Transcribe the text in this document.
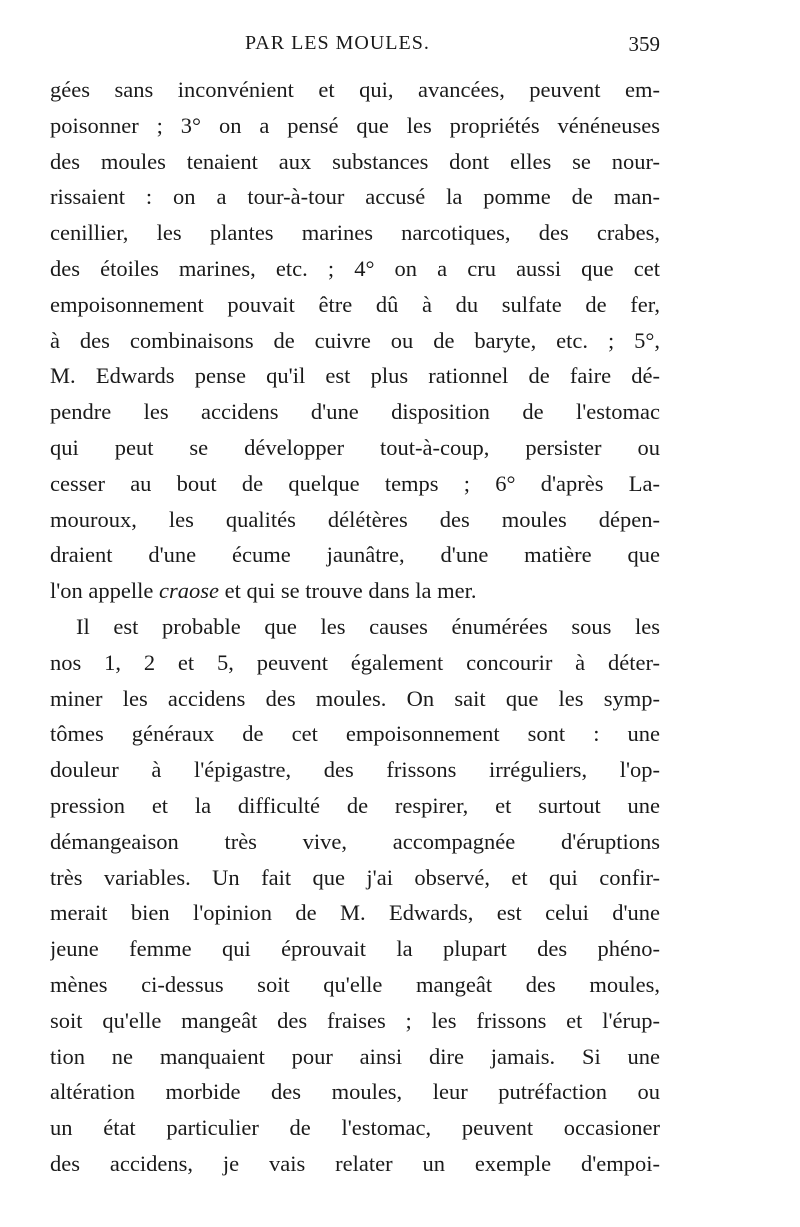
PAR LES MOULES.	359
gées sans inconvénient et qui, avancées, peuvent em-
poisonner ; 3° on a pensé que les propriétés vénéneuses
des moules tenaient aux substances dont elles se nour-
rissaient : on a tour-à-tour accusé la pomme de man-
cenillier, les plantes marines narcotiques, des crabes,
des étoiles marines, etc. ; 4° on a cru aussi que cet
empoisonnement pouvait être dû à du sulfate de fer,
à des combinaisons de cuivre ou de baryte, etc. ; 5°,
M. Edwards pense qu'il est plus rationnel de faire dé-
pendre les accidens d'une disposition de l'estomac
qui peut se développer tout-à-coup, persister ou
cesser au bout de quelque temps ; 6° d'après La-
mouroux, les qualités délétères des moules dépen-
draient d'une écume jaunâtre, d'une matière que
l'on appelle craose et qui se trouve dans la mer.
Il est probable que les causes énumérées sous les
nos 1, 2 et 5, peuvent également concourir à déter-
miner les accidens des moules. On sait que les symp-
tômes généraux de cet empoisonnement sont : une
douleur à l'épigastre, des frissons irréguliers, l'op-
pression et la difficulté de respirer, et surtout une
démangeaison très vive, accompagnée d'éruptions
très variables. Un fait que j'ai observé, et qui confir-
merait bien l'opinion de M. Edwards, est celui d'une
jeune femme qui éprouvait la plupart des phéno-
mènes ci-dessus soit qu'elle mangeât des moules,
soit qu'elle mangeât des fraises ; les frissons et l'érup-
tion ne manquaient pour ainsi dire jamais. Si une
altération morbide des moules, leur putréfaction ou
un état particulier de l'estomac, peuvent occasioner
des accidens, je vais relater un exemple d'empoi-
